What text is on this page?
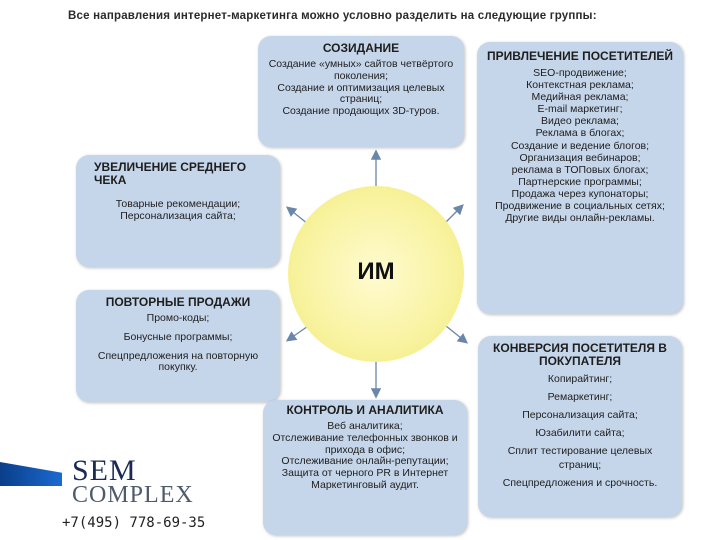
Все направления интернет-маркетинга можно условно разделить на следующие группы:
ИМ
СОЗИДАНИЕ
Создание «умных» сайтов четвёртого поколения;
Создание и оптимизация целевых страниц;
Создание продающих 3D-туров.
ПРИВЛЕЧЕНИЕ ПОСЕТИТЕЛЕЙ
SEO-продвижение;
Контекстная реклама;
Медийная реклама;
E-mail маркетинг;
Видео реклама;
Реклама в блогах;
Создание и ведение блогов;
Организация вебинаров;
реклама в ТОПовых блогах;
Партнерские программы;
Продажа через купонаторы;
Продвижение в социальных сетях;
Другие виды онлайн-рекламы.
УВЕЛИЧЕНИЕ СРЕДНЕГО ЧЕКА
Товарные рекомендации;
Персонализация сайта;
ПОВТОРНЫЕ ПРОДАЖИ
Промо-коды;
Бонусные программы;
Спецпредложения на повторную покупку.
КОНТРОЛЬ И АНАЛИТИКА
Веб аналитика;
Отслеживание телефонных звонков и прихода в офис;
Отслеживание онлайн-репутации;
Защита от черного PR в Интернет
Маркетинговый аудит.
КОНВЕРСИЯ ПОСЕТИТЕЛЯ В ПОКУПАТЕЛЯ
Копирайтинг;
Ремаркетинг;
Персонализация сайта;
Юзабилити сайта;
Сплит тестирование целевых страниц;
Спецпредложения и срочность.
SEM
COMPLEX
+7(495) 778-69-35
